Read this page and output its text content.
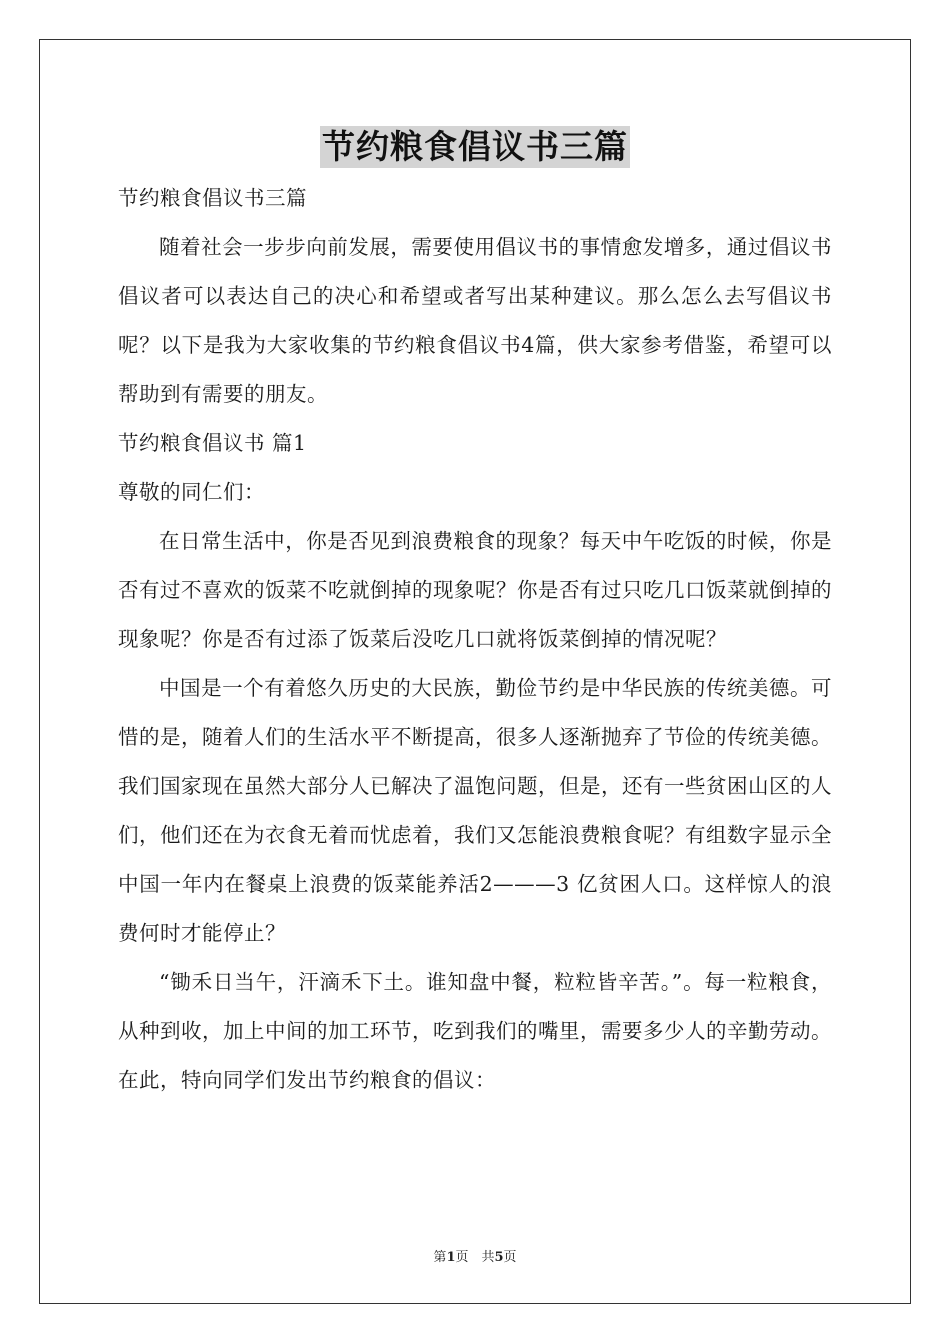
节约粮食倡议书三篇

节约粮食倡议书三篇

随着社会一步步向前发展，需要使用倡议书的事情愈发增多，通过倡议书倡议者可以表达自己的决心和希望或者写出某种建议。那么怎么去写倡议书呢？以下是我为大家收集的节约粮食倡议书4篇，供大家参考借鉴，希望可以帮助到有需要的朋友。

节约粮食倡议书 篇1

尊敬的同仁们：

在日常生活中，你是否见到浪费粮食的现象？每天中午吃饭的时候，你是否有过不喜欢的饭菜不吃就倒掉的现象呢？你是否有过只吃几口饭菜就倒掉的现象呢？你是否有过添了饭菜后没吃几口就将饭菜倒掉的情况呢？

中国是一个有着悠久历史的大民族，勤俭节约是中华民族的传统美德。可惜的是，随着人们的生活水平不断提高，很多人逐渐抛弃了节俭的传统美德。我们国家现在虽然大部分人已解决了温饱问题，但是，还有一些贫困山区的人们，他们还在为衣食无着而忧虑着，我们又怎能浪费粮食呢？有组数字显示全中国一年内在餐桌上浪费的饭菜能养活2———3 亿贫困人口。这样惊人的浪费何时才能停止？

“锄禾日当午，汗滴禾下土。谁知盘中餐，粒粒皆辛苦。”。每一粒粮食，从种到收，加上中间的加工环节，吃到我们的嘴里，需要多少人的辛勤劳动。在此，特向同学们发出节约粮食的倡议：

第1页　共5页
